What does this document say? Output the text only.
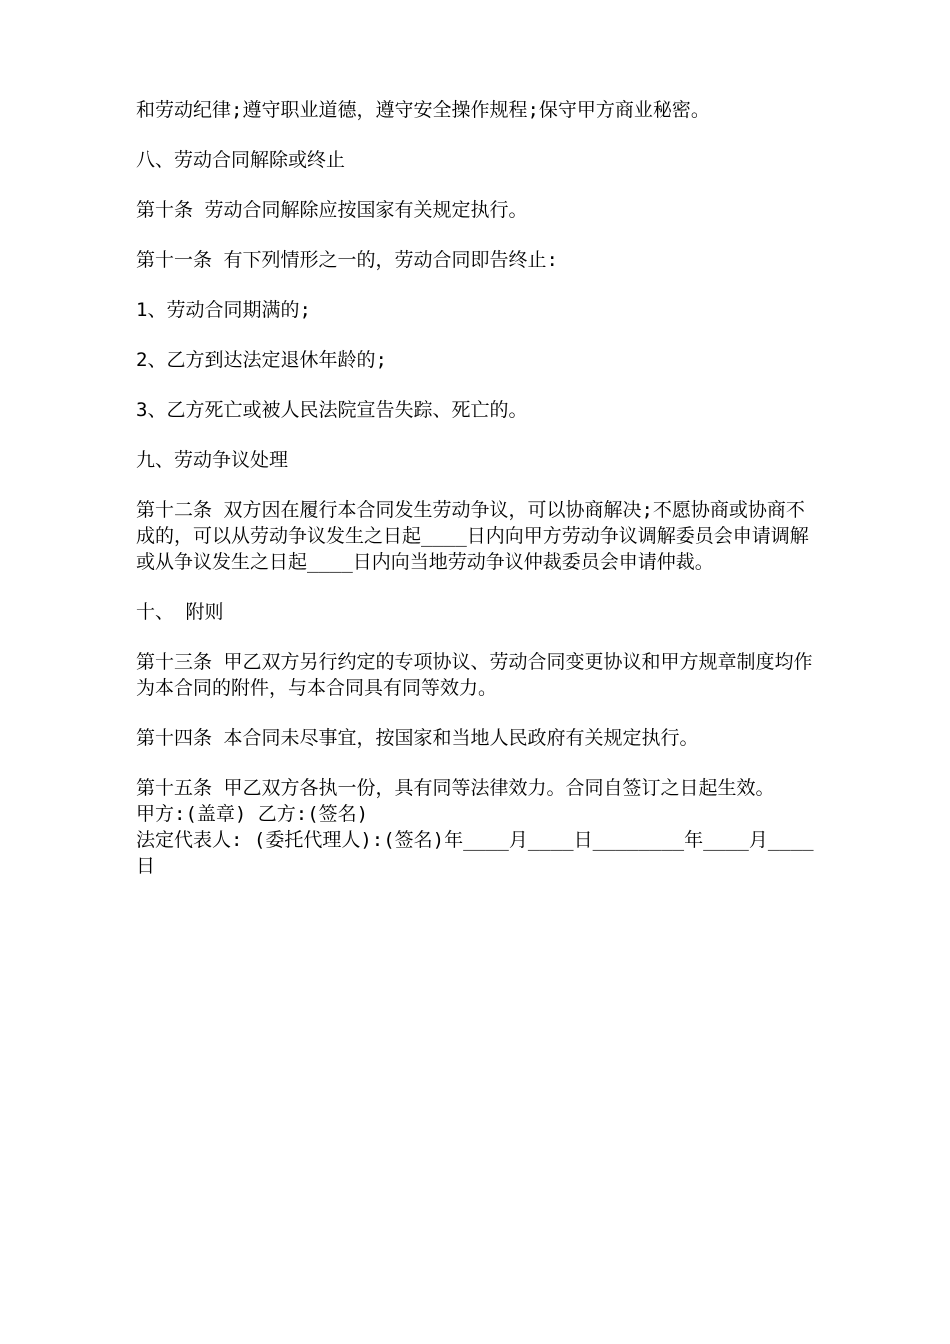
和劳动纪律;遵守职业道德，遵守安全操作规程;保守甲方商业秘密。

八、劳动合同解除或终止

第十条 劳动合同解除应按国家有关规定执行。

第十一条 有下列情形之一的，劳动合同即告终止:

1、劳动合同期满的;

2、乙方到达法定退休年龄的;

3、乙方死亡或被人民法院宣告失踪、死亡的。

九、劳动争议处理

第十二条 双方因在履行本合同发生劳动争议，可以协商解决;不愿协商或协商不成的，可以从劳动争议发生之日起____日内向甲方劳动争议调解委员会申请调解或从争议发生之日起____日内向当地劳动争议仲裁委员会申请仲裁。

十、 附则

第十三条 甲乙双方另行约定的专项协议、劳动合同变更协议和甲方规章制度均作为本合同的附件，与本合同具有同等效力。

第十四条 本合同未尽事宜，按国家和当地人民政府有关规定执行。

第十五条 甲乙双方各执一份，具有同等法律效力。合同自签订之日起生效。

甲方:(盖章) 乙方:(签名)

法定代表人: (委托代理人):(签名)年____月____日________年____月____日
